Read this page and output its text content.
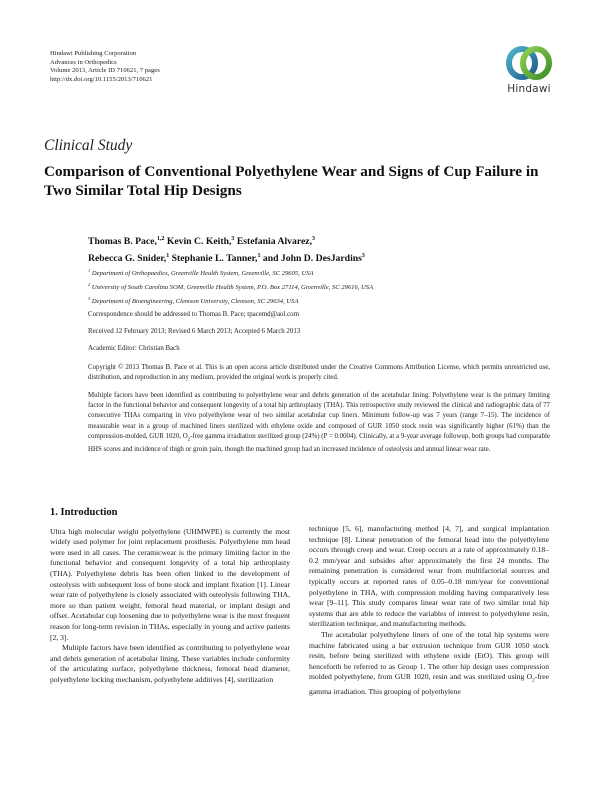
Hindawi Publishing Corporation
Advances in Orthopedics
Volume 2013, Article ID 710621, 7 pages
http://dx.doi.org/10.1155/2013/710621
Hindawi
Clinical Study
Comparison of Conventional Polyethylene Wear and Signs of Cup Failure in Two Similar Total Hip Designs
Thomas B. Pace,$^{1,2}$ Kevin C. Keith,$^3$ Estefania Alvarez,$^3$
Rebecca G. Snider,$^1$ Stephanie L. Tanner,$^1$ and John D. DesJardins$^3$
$^1$ Department of Orthopaedics, Greenville Health System, Greenville, SC 29605, USA
$^2$ University of South Carolina SOM, Greenville Health System, P.O. Box 27114, Greenville, SC 29616, USA
$^3$ Department of Bioengineering, Clemson University, Clemson, SC 29634, USA
Correspondence should be addressed to Thomas B. Pace; tpacemd@aol.com
Received 12 February 2013; Revised 6 March 2013; Accepted 6 March 2013
Academic Editor: Christian Bach
Copyright © 2013 Thomas B. Pace et al. This is an open access article distributed under the Creative Commons Attribution License, which permits unrestricted use, distribution, and reproduction in any medium, provided the original work is properly cited.
Multiple factors have been identified as contributing to polyethylene wear and debris generation of the acetabular lining. Polyethylene wear is the primary limiting factor in the functional behavior and consequent longevity of a total hip arthroplasty (THA). This retrospective study reviewed the clinical and radiographic data of 77 consecutive THAs comparing in vivo polyethylene wear of two similar acetabular cup liners. Minimum follow-up was 7 years (range 7–15). The incidence of measurable wear in a group of machined liners sterilized with ethylene oxide and composed of GUR 1050 stock resin was significantly higher (61%) than the compression-molded, GUR 1020, $O_2$-free gamma irradiation sterilized group (24%) (P = 0.0004). Clinically, at a 9-year average followup, both groups had comparable HHS scores and incidence of thigh or groin pain, though the machined group had an increased incidence of osteolysis and annual linear wear rate.
1. Introduction

Ultra high molecular weight polyethylene (UHMWPE) is currently the most widely used polymer for joint replacement prosthesis. Polyethylene mm head were used in all cases. The ceramicwear is the primary limiting factor in the functional behavior and consequent longevity of a total hip arthroplasty (THA). Polyethylene debris has been often linked to the development of osteolysis with subsequent loss of bone stock and implant fixation [1]. Linear wear rate of polyethylene is closely associated with osteolysis following THA, more so than patient weight, femoral head material, or implant design and offset. Acetabular cup loosening due to polyethylene wear is the most frequent reason for long-term revision in THAs, especially in young and active patients [2, 3].

Multiple factors have been identified as contributing to polyethylene wear and debris generation of acetabular lining. These variables include conformity of the articulating surface, polyethylene thickness, femoral head diameter, polyethylene locking mechanism, polyethylene additives [4], sterilization

technique [5, 6], manufacturing method [4, 7], and surgical implantation technique [8]. Linear penetration of the femoral head into the polyethylene occurs through creep and wear. Creep occurs at a rate of approximately 0.18–0.2 mm/year and subsides after approximately the first 24 months. The remaining penetration is considered wear from multifactorial sources and typically occurs at reported rates of 0.05–0.18 mm/year for conventional polyethylene in THA, with compression molding having comparatively less wear [9–11]. This study compares linear wear rate of two similar total hip systems that are able to reduce the variables of interest to polyethylene resin, sterilization technique, and manufacturing methods.

The acetabular polyethylene liners of one of the total hip systems were machine fabricated using a bar extrusion technique from GUR 1050 stock resin, before being sterilized with ethylene oxide (EtO). This group will henceforth be referred to as Group 1. The other hip design uses compression molded polyethylene, from GUR 1020, resin and was sterilized using $O_2$-free gamma irradiation. This grouping of polyethylene
